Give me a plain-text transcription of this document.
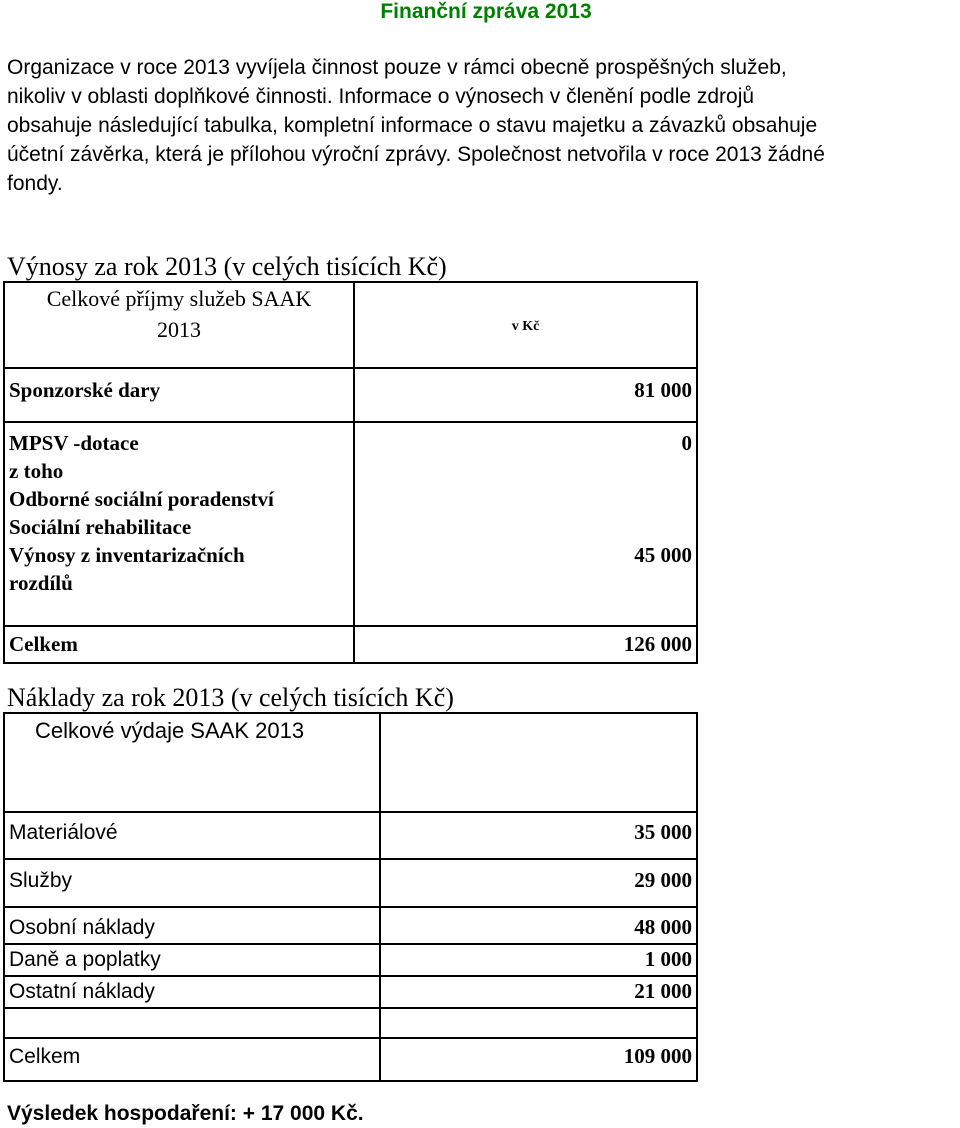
Finanční zpráva 2013

Organizace v roce 2013 vyvíjela činnost pouze v rámci obecně prospěšných služeb,
nikoliv v oblasti doplňkové činnosti. Informace o výnosech v členění podle zdrojů
obsahuje následující tabulka, kompletní informace o stavu majetku a závazků obsahuje
účetní závěrka, která je přílohou výroční zprávy. Společnost netvořila v roce 2013 žádné
fondy.

Výnosy za rok 2013 (v celých tisících Kč)
Celkové příjmy služeb SAAK
2013	v Kč
Sponzorské dary	81 000
MPSV -dotace	0
z toho	
Odborné sociální poradenství	
Sociální rehabilitace	

Výnosy z inventarizačních
rozdílů	45 000
Celkem	126 000
Náklady za rok 2013 (v celých tisících Kč)
Celkové výdaje SAAK 2013	
Materiálové	35 000
Služby	29 000
Osobní náklady	48 000
Daně a poplatky	1 000
Ostatní náklady	21 000

Celkem	109 000
Výsledek hospodaření: + 17 000 Kč.
